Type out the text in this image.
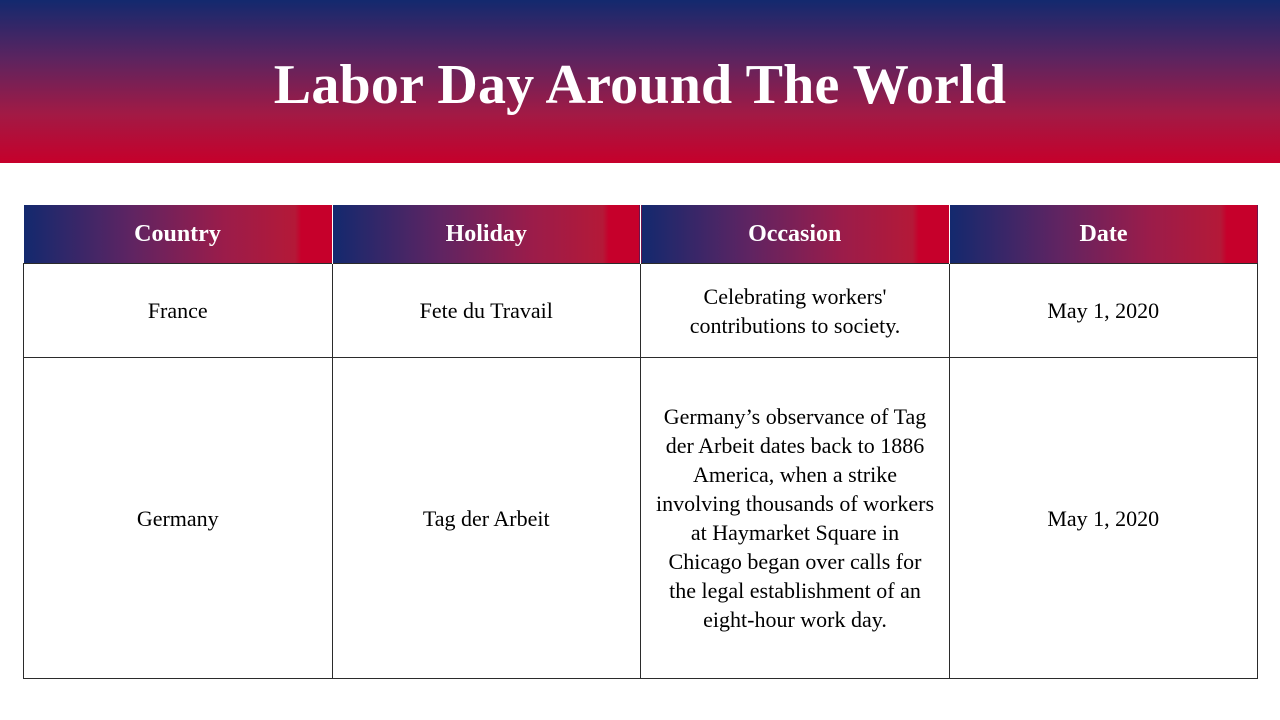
Labor Day Around The World
Country	Holiday	Occasion	Date
France	Fete du Travail	Celebrating workers' contributions to society.	May 1, 2020
Germany	Tag der Arbeit	Germany’s observance of Tag der Arbeit dates back to 1886 America, when a strike involving thousands of workers at Haymarket Square in Chicago began over calls for the legal establishment of an eight-hour work day.	May 1, 2020
